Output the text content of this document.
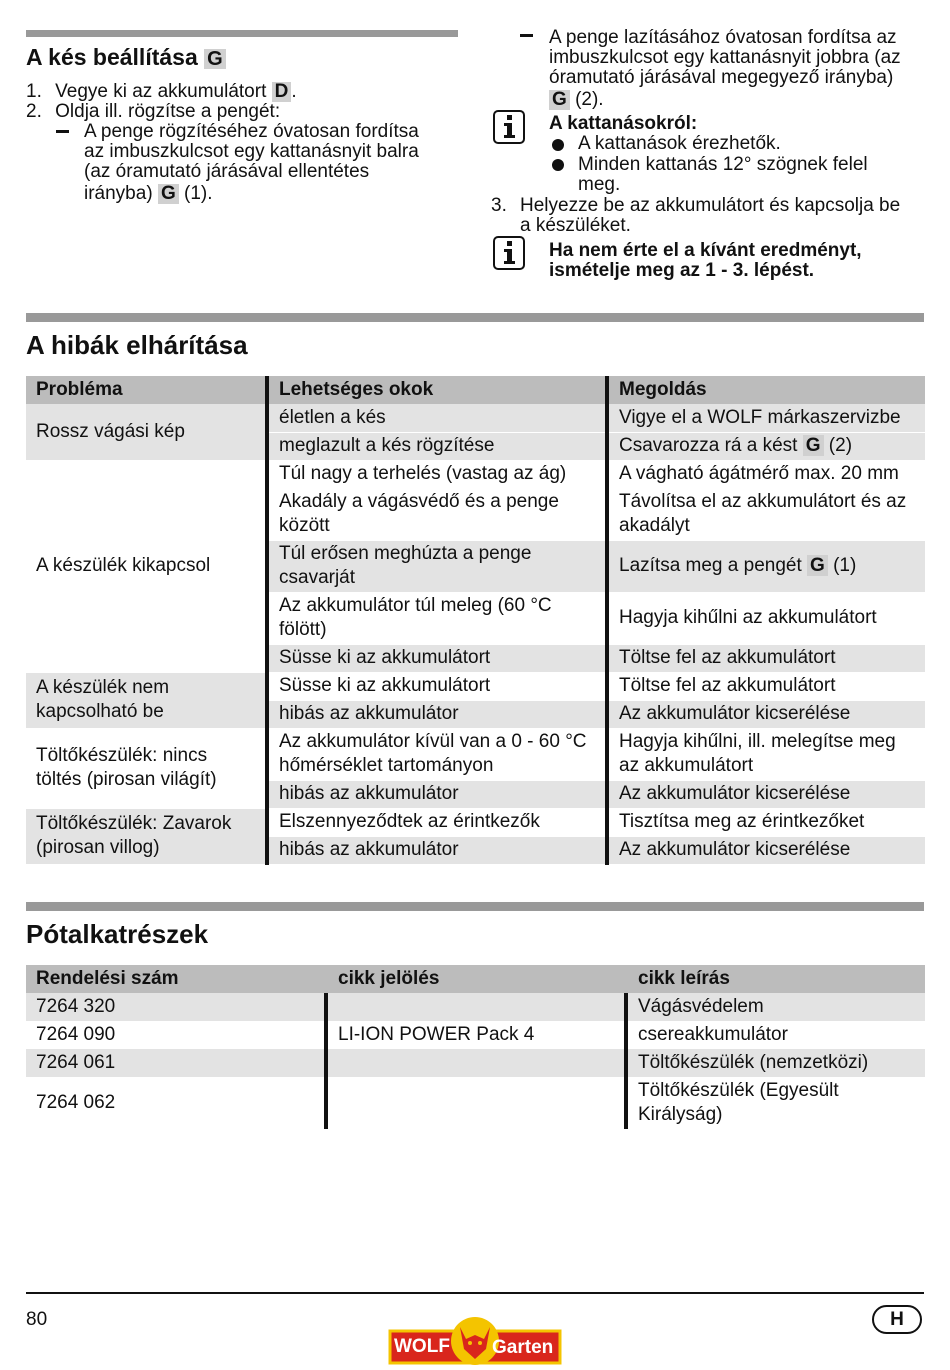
A kés beállítása G
1. Vegye ki az akkumulátort D .
2. Oldja ill. rögzítse a pengét:
A penge rögzítéséhez óvatosan fordítsa
az imbuszkulcsot egy kattanásnyit balra
(az óramutató járásával ellentétes
irányba) G (1).
A penge lazításához óvatosan fordítsa az
imbuszkulcsot egy kattanásnyit jobbra (az
óramutató járásával megegyező irányba)
G (2).
A kattanásokról:
A kattanások érezhetők.
Minden kattanás 12° szögnek felel
meg.
3. Helyezze be az akkumulátort és kapcsolja be
a készüléket.
Ha nem érte el a kívánt eredményt,
ismételje meg az 1 - 3. lépést.
A hibák elhárítása
Probléma	Lehetséges okok	Megoldás
Rossz vágási kép	életlen a kés	Vigye el a WOLF márkaszervizbe
	meglazult a kés rögzítése	Csavarozza rá a kést G (2)
A készülék kikapcsol	Túl nagy a terhelés (vastag az ág)	A vágható ágátmérő max. 20 mm
	Akadály a vágásvédő és a penge között	Távolítsa el az akkumulátort és az akadályt
	Túl erősen meghúzta a penge csavarját	Lazítsa meg a pengét G (1)
	Az akkumulátor túl meleg (60 °C fölött)	Hagyja kihűlni az akkumulátort
	Süsse ki az akkumulátort	Töltse fel az akkumulátort
A készülék nem kapcsolható be	Süsse ki az akkumulátort	Töltse fel az akkumulátort
	hibás az akkumulátor	Az akkumulátor kicserélése
Töltőkészülék: nincs töltés (pirosan világít)	Az akkumulátor kívül van a 0 - 60 °C hőmérséklet tartományon	Hagyja kihűlni, ill. melegítse meg az akkumulátort
	hibás az akkumulátor	Az akkumulátor kicserélése
Töltőkészülék: Zavarok (pirosan villog)	Elszennyeződtek az érintkezők	Tisztítsa meg az érintkezőket
	hibás az akkumulátor	Az akkumulátor kicserélése
Pótalkatrészek
Rendelési szám	cikk jelölés	cikk leírás
7264 320		Vágásvédelem
7264 090	LI-ION POWER Pack 4	csereakkumulátor
7264 061		Töltőkészülék (nemzetközi)
7264 062		Töltőkészülék (Egyesült Királyság)
80
WOLF Garten
H
